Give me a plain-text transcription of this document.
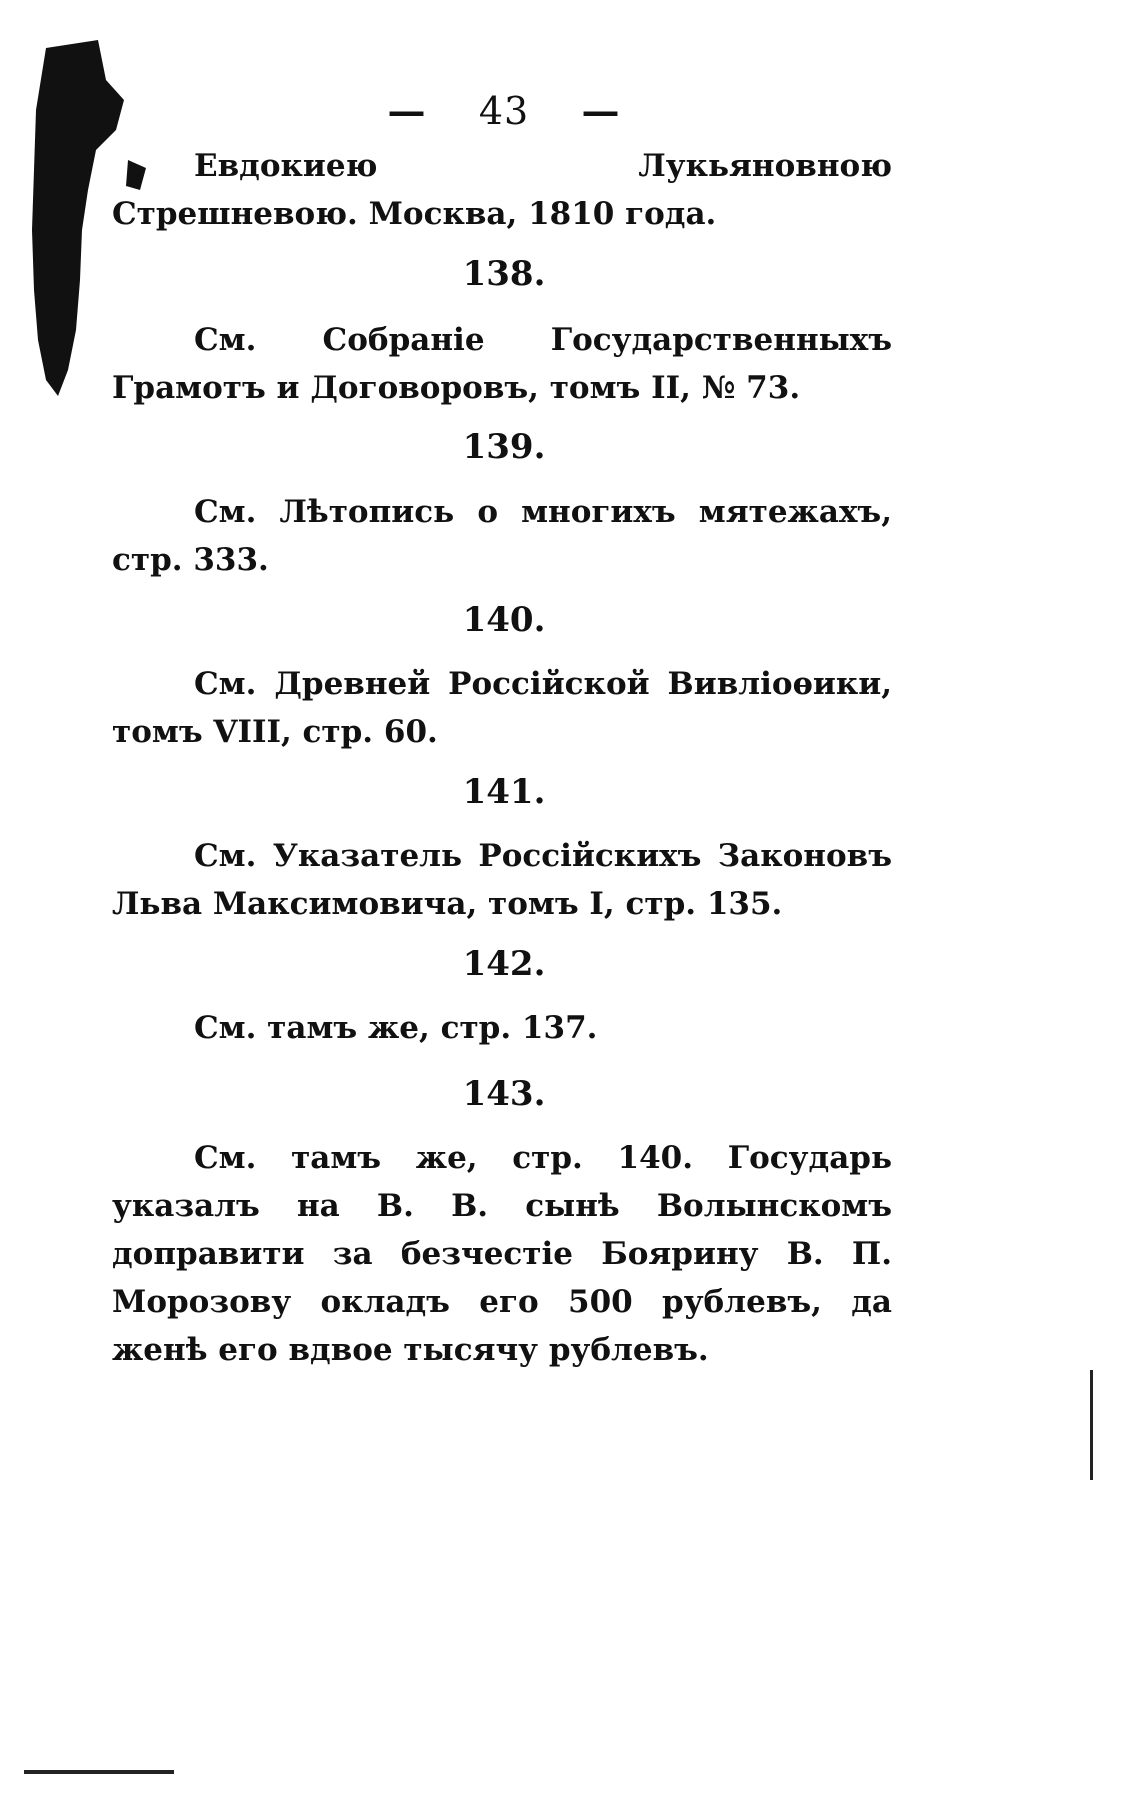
— 43 —
Евдокиею Лукьяновною Стрешневою. Москва, 1810 года.
138.
См. Собраніе Государственныхъ Грамотъ и Договоровъ, томъ II, № 73.
139.
См. Лѣтопись о многихъ мятежахъ, стр. 333.
140.
См. Древней Россійской Вивліоѳики, томъ VIII, стр. 60.
141.
См. Указатель Россійскихъ Законовъ Льва Максимовича, томъ I, стр. 135.
142.
См. тамъ же, стр. 137.
143.
См. тамъ же, стр. 140. Государь указалъ на В. В. сынѣ Волынскомъ доправити за безчестіе Боярину В. П. Морозову окладъ его 500 рублевъ, да женѣ его вдвое тысячу рублевъ.
